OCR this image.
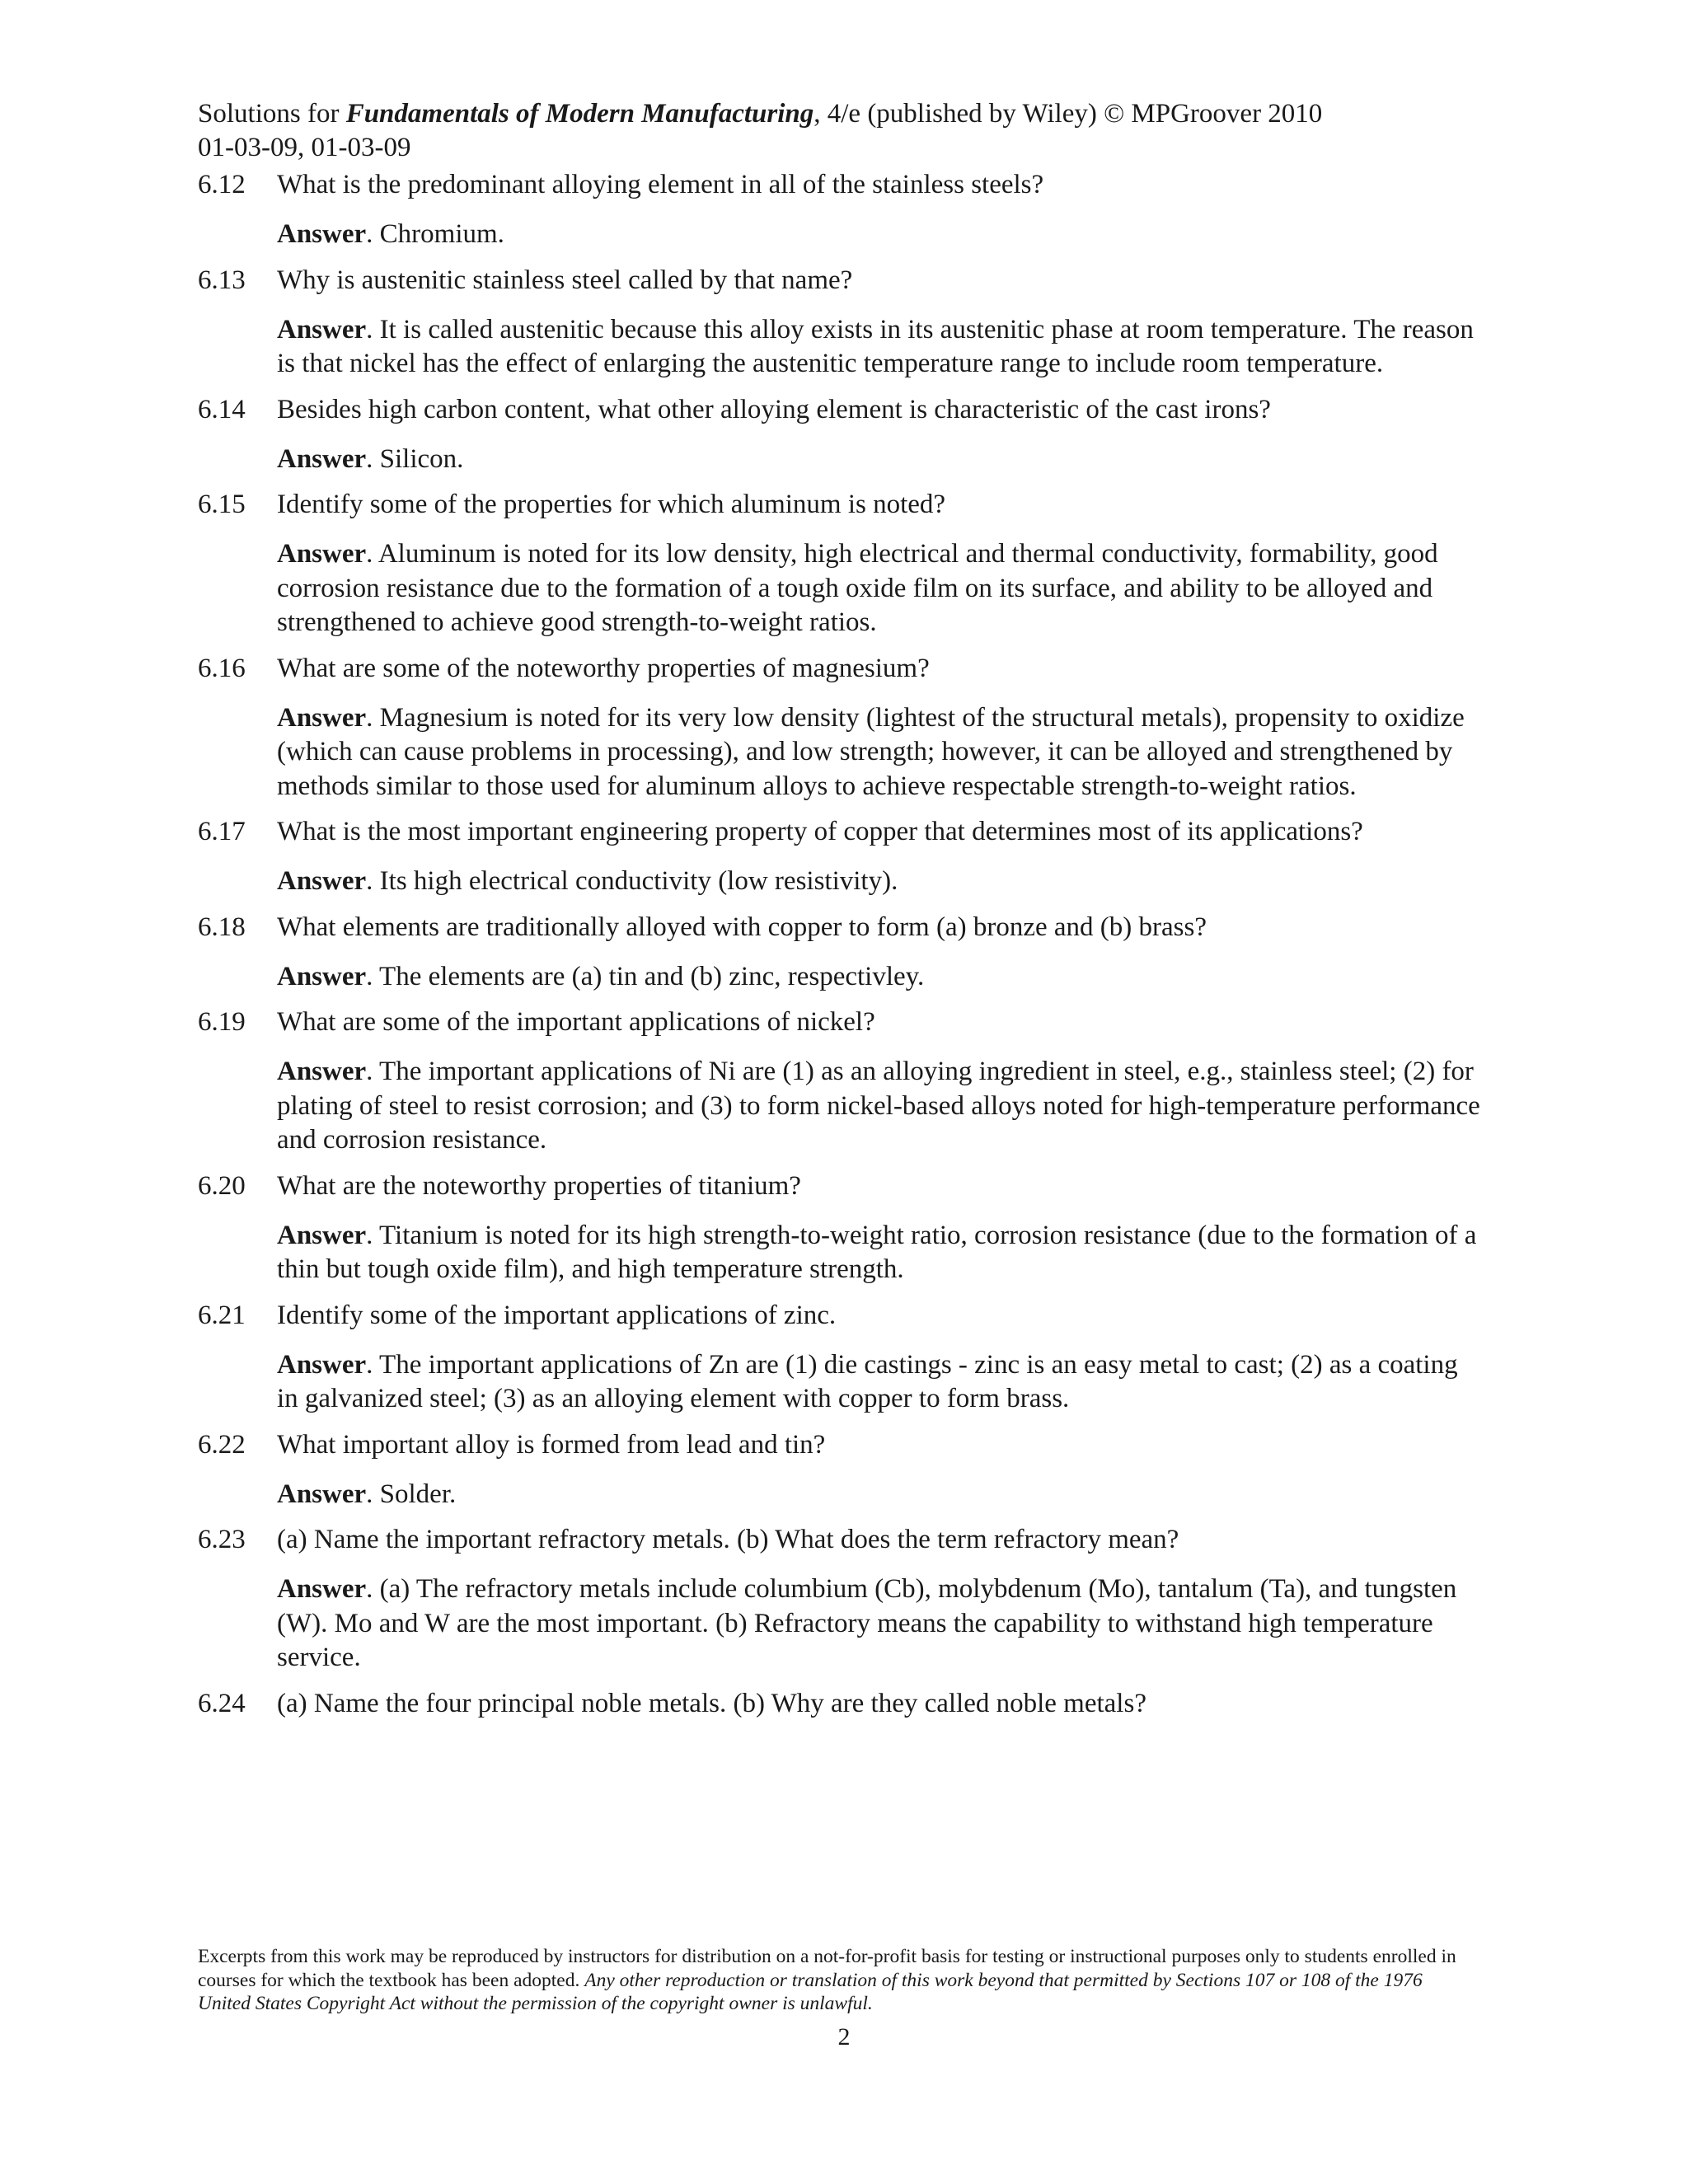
Solutions for Fundamentals of Modern Manufacturing, 4/e (published by Wiley) © MPGroover 2010
01-03-09, 01-03-09
6.12 What is the predominant alloying element in all of the stainless steels?
Answer. Chromium.
6.13 Why is austenitic stainless steel called by that name?
Answer. It is called austenitic because this alloy exists in its austenitic phase at room temperature. The reason is that nickel has the effect of enlarging the austenitic temperature range to include room temperature.
6.14 Besides high carbon content, what other alloying element is characteristic of the cast irons?
Answer. Silicon.
6.15 Identify some of the properties for which aluminum is noted?
Answer. Aluminum is noted for its low density, high electrical and thermal conductivity, formability, good corrosion resistance due to the formation of a tough oxide film on its surface, and ability to be alloyed and strengthened to achieve good strength-to-weight ratios.
6.16 What are some of the noteworthy properties of magnesium?
Answer. Magnesium is noted for its very low density (lightest of the structural metals), propensity to oxidize (which can cause problems in processing), and low strength; however, it can be alloyed and strengthened by methods similar to those used for aluminum alloys to achieve respectable strength-to-weight ratios.
6.17 What is the most important engineering property of copper that determines most of its applications?
Answer. Its high electrical conductivity (low resistivity).
6.18 What elements are traditionally alloyed with copper to form (a) bronze and (b) brass?
Answer. The elements are (a) tin and (b) zinc, respectivley.
6.19 What are some of the important applications of nickel?
Answer. The important applications of Ni are (1) as an alloying ingredient in steel, e.g., stainless steel; (2) for plating of steel to resist corrosion; and (3) to form nickel-based alloys noted for high-temperature performance and corrosion resistance.
6.20 What are the noteworthy properties of titanium?
Answer. Titanium is noted for its high strength-to-weight ratio, corrosion resistance (due to the formation of a thin but tough oxide film), and high temperature strength.
6.21 Identify some of the important applications of zinc.
Answer. The important applications of Zn are (1) die castings - zinc is an easy metal to cast; (2) as a coating in galvanized steel; (3) as an alloying element with copper to form brass.
6.22 What important alloy is formed from lead and tin?
Answer. Solder.
6.23 (a) Name the important refractory metals. (b) What does the term refractory mean?
Answer. (a) The refractory metals include columbium (Cb), molybdenum (Mo), tantalum (Ta), and tungsten (W). Mo and W are the most important. (b) Refractory means the capability to withstand high temperature service.
6.24 (a) Name the four principal noble metals. (b) Why are they called noble metals?
Excerpts from this work may be reproduced by instructors for distribution on a not-for-profit basis for testing or instructional purposes only to students enrolled in courses for which the textbook has been adopted. Any other reproduction or translation of this work beyond that permitted by Sections 107 or 108 of the 1976 United States Copyright Act without the permission of the copyright owner is unlawful.
2
